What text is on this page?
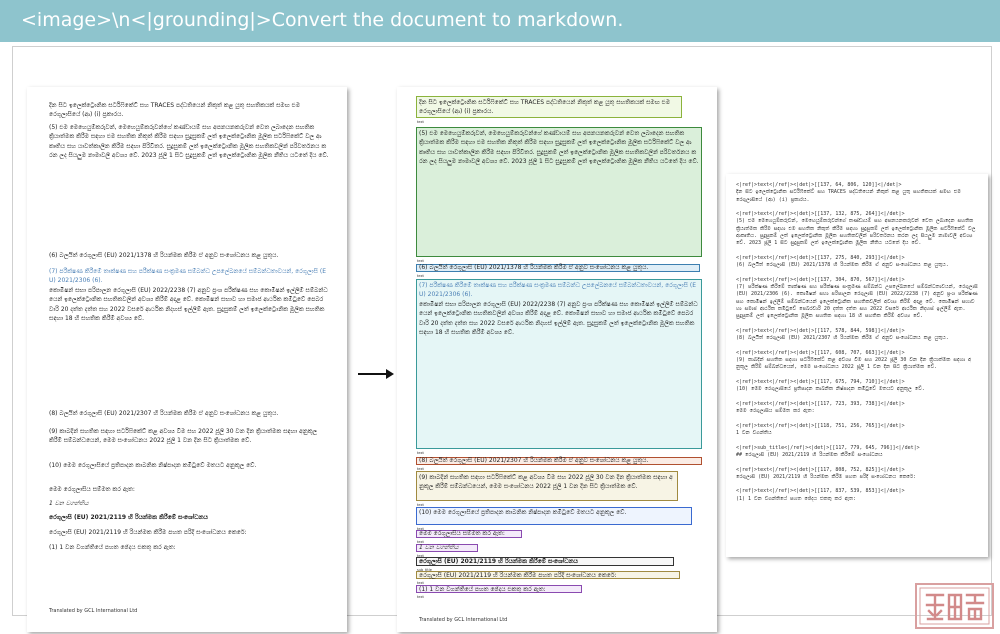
<image>\n<|grounding|>Convert the document to markdown.
දින සිට ඉලෙක්ට්‍රොනික සර්ටිෆිකේට් සහ TRACES පද්ධතියෙන් නිකුත් කළ යුතු සහතිකයක් සමඟ එම රෙගුලාසියේ (ආ) (i) ප්‍රකාරය.
(5) එම මෙහෙයුම්කරුවන්, මෙහෙයුම්කරුවන්ගේ කණ්ඩායම් සහ අපනයනකරුවන් වෙත ලබාදෙන සහතික ක්‍රියාත්මක කිරීම සඳහා එම සහතික නිකුත් කිරීම සඳහා සුදුසුකම් ලත් ඉලෙක්ට්‍රොනික මූලික සර්ටිෆිකේට් වල ආකෘතිය සහ යාවත්කාලීන කිරීම සඳහා පිරිවිතර. සුදුසුකම් ලත් ඉලෙක්ට්‍රොනික මූලික සහතිකවලින් පරිවර්තනය කරන ලද සියලුම නාමාවලී අවශ්‍ය වේ. 2023 ජූලි 1 සිට සුදුසුකම් ලත් ඉලෙක්ට්‍රොනික මූලික නීතිය යටතේ දිය වේ.
(6) බලයිත් රෙගුලාසි (EU) 2021/1378 හි රියන්මක කිරීම ඒ අනුව සංශෝධනය කළ යුතුය.
(7) පරීක්ෂණ කිරීමේ තාක්ෂණ සහ පරීක්ෂණ සංක්‍රමණ සම්බන්ධ උපලේඛනයේ සම්බන්ධතාවයන්, රෙගුලාසි (EU) 2021/2306 (6).
කොමිෂන් සභා පරිපාලන රෙගුලාසි (EU) 2022/2238 (7) අනුව ප්‍රංශ පරීක්ෂණ සහ කොමිෂන් ඉල්ලීම් සම්බන්ධයෙන් ඉලෙක්ට්‍රොනික සහතිකවලින් අවශ්‍ය කිරීම් අදාළ වේ. කොමිෂන් සභාව හා සමාජ ආර්ථික කමිටුවේ පෙබරවාරි 20 දත්ත දත්ත සහ 2022 වසරේ ආර්ථික නිදහස් ඉල්ලීම් ඇත. සුදුසුකම් ලත් ඉලෙක්ට්‍රොනික මූලික සහතික සඳහා 18 හි සහතික කිරීම් අවශ්‍ය වේ.
(8) බලයිත් රෙගුලාසි (EU) 2021/2307 හි රියන්මක කිරීම ඒ අනුව සංශෝධනය කළ යුතුය.
(9) කාබදින් සහතික සඳහා සර්ටිෆිකේට් කළ අවශ්‍ය වීම සහ 2022 ජූලි 30 වන දින ක්‍රියාත්මක සඳහා අනුකූල කිරීම් සම්බන්ධයෙන්, මෙම සංශෝධනය 2022 ජූලි 1 වන දින සිට ක්‍රියාත්මක වේ.
(10) මෙම රෙගුලාසියේ ප්‍රතිපාදන කාබනික නිෂ්පාදන කමිටුවේ මතයට අනුකූල වේ.
මෙම රෙගුලාසිය සම්මත කර ඇත:
1 වන වගන්තිය
රෙගුලාසි (EU) 2021/2119 හි රියන්මක කිරීමේ සංශෝධනය
රෙගුලාසි (EU) 2021/2119 හි රියන්මක කිරීම පහත පරිදි සංශෝධනය කෙරේ:
(1) 1 වන වගන්තියේ පහත ඡේදය එකතු කර ඇත:
Translated by GCL International Ltd
text
text
text
text
text
text
text
text
text
sub_title
text
text
දින සිට ඉලෙක්ට්‍රොනික සර්ටිෆිකේට් සහ TRACES පද්ධතියෙන් නිකුත් කළ යුතු සහතිකයක් සමඟ එම රෙගුලාසියේ (ආ) (i) ප්‍රකාරය.
(5) එම මෙහෙයුම්කරුවන්, මෙහෙයුම්කරුවන්ගේ කණ්ඩායම් සහ අපනයනකරුවන් වෙත ලබාදෙන සහතික ක්‍රියාත්මක කිරීම සඳහා එම සහතික නිකුත් කිරීම සඳහා සුදුසුකම් ලත් ඉලෙක්ට්‍රොනික මූලික සර්ටිෆිකේට් වල ආකෘතිය සහ යාවත්කාලීන කිරීම සඳහා පිරිවිතර. සුදුසුකම් ලත් ඉලෙක්ට්‍රොනික මූලික සහතිකවලින් පරිවර්තනය කරන ලද සියලුම නාමාවලී අවශ්‍ය වේ. 2023 ජූලි 1 සිට සුදුසුකම් ලත් ඉලෙක්ට්‍රොනික මූලික නීතිය යටතේ දිය වේ.
(6) බලයිත් රෙගුලාසි (EU) 2021/1378 හි රියන්මක කිරීම ඒ අනුව සංශෝධනය කළ යුතුය.
(7) පරීක්ෂණ කිරීමේ තාක්ෂණ සහ පරීක්ෂණ සංක්‍රමණ සම්බන්ධ උපලේඛනයේ සම්බන්ධතාවයන්, රෙගුලාසි (EU) 2021/2306 (6).
කොමිෂන් සභා පරිපාලන රෙගුලාසි (EU) 2022/2238 (7) අනුව ප්‍රංශ පරීක්ෂණ සහ කොමිෂන් ඉල්ලීම් සම්බන්ධයෙන් ඉලෙක්ට්‍රොනික සහතිකවලින් අවශ්‍ය කිරීම් අදාළ වේ. කොමිෂන් සභාව හා සමාජ ආර්ථික කමිටුවේ පෙබරවාරි 20 දත්ත දත්ත සහ 2022 වසරේ ආර්ථික නිදහස් ඉල්ලීම් ඇත. සුදුසුකම් ලත් ඉලෙක්ට්‍රොනික මූලික සහතික සඳහා 18 හි සහතික කිරීම් අවශ්‍ය වේ.
(8) බලයිත් රෙගුලාසි (EU) 2021/2307 හි රියන්මක කිරීම ඒ අනුව සංශෝධනය කළ යුතුය.
(9) කාබදින් සහතික සඳහා සර්ටිෆිකේට් කළ අවශ්‍ය වීම සහ 2022 ජූලි 30 වන දින ක්‍රියාත්මක සඳහා අනුකූල කිරීම් සම්බන්ධයෙන්, මෙම සංශෝධනය 2022 ජූලි 1 වන දින සිට ක්‍රියාත්මක වේ.
(10) මෙම රෙගුලාසියේ ප්‍රතිපාදන කාබනික නිෂ්පාදන කමිටුවේ මතයට අනුකූල වේ.
මෙම රෙගුලාසිය සම්මත කර ඇත:
1 වන වගන්තිය
රෙගුලාසි (EU) 2021/2119 හි රියන්මක කිරීමේ සංශෝධනය
රෙගුලාසි (EU) 2021/2119 හි රියන්මක කිරීම පහත පරිදි සංශෝධනය කෙරේ:
(1) 1 වන වගන්තියේ පහත ඡේදය එකතු කර ඇත:
Translated by GCL International Ltd
<|ref|>text<|/ref|><|det|>[[137, 64, 806, 120]]<|/det|>
දින සිට ඉලෙක්ට්‍රොනික සර්ටිෆිකේට් සහ TRACES පද්ධතියෙන් නිකුත් කළ යුතු සහතිකයක් සමඟ එම රෙගුලාසියේ (ආ) (i) ප්‍රකාරය.

<|ref|>text<|/ref|><|det|>[[137, 132, 875, 264]]<|/det|>
(5) එම මෙහෙයුම්කරුවන්, මෙහෙයුම්කරුවන්ගේ කණ්ඩායම් සහ අපනයනකරුවන් වෙත ලබාදෙන සහතික ක්‍රියාත්මක කිරීම සඳහා එම සහතික නිකුත් කිරීම සඳහා සුදුසුකම් ලත් ඉලෙක්ට්‍රොනික මූලික සර්ටිෆිකේට් වල ආකෘතිය. සුදුසුකම් ලත් ඉලෙක්ට්‍රොනික මූලික සහතිකවලින් පරිවර්තනය කරන ලද සියලුම නාමාවලී අවශ්‍ය වේ. 2023 ජූලි 1 සිට සුදුසුකම් ලත් ඉලෙක්ට්‍රොනික මූලික නීතිය යටතේ දිය වේ.

<|ref|>text<|/ref|><|det|>[[137, 275, 840, 293]]<|/det|>
(6) බලයිත් රෙගුලාසි (EU) 2021/1378 හි රියන්මක කිරීම ඒ අනුව සංශෝධනය කළ යුතුය.

<|ref|>text<|/ref|><|det|>[[137, 304, 870, 567]]<|/det|>
(7) පරීක්ෂණ කිරීමේ තාක්ෂණ සහ පරීක්ෂණ සංක්‍රමණ සම්බන්ධ උපලේඛනයේ සම්බන්ධතාවයන්, රෙගුලාසි (EU) 2021/2306 (6). කොමිෂන් සභා පරිපාලන රෙගුලාසි (EU) 2022/2238 (7) අනුව ප්‍රංශ පරීක්ෂණ සහ කොමිෂන් ඉල්ලීම් සම්බන්ධයෙන් ඉලෙක්ට්‍රොනික සහතිකවලින් අවශ්‍ය කිරීම් අදාළ වේ. කොමිෂන් සභාව හා සමාජ ආර්ථික කමිටුවේ පෙබරවාරි 20 දත්ත දත්ත සහ 2022 වසරේ ආර්ථික නිදහස් ඉල්ලීම් ඇත. සුදුසුකම් ලත් ඉලෙක්ට්‍රොනික මූලික සහතික සඳහා 18 හි සහතික කිරීම් අවශ්‍ය වේ.

<|ref|>text<|/ref|><|det|>[[117, 578, 844, 598]]<|/det|>
(8) බලයිත් රෙගුලාසි (EU) 2021/2307 හි රියන්මක කිරීම ඒ අනුව සංශෝධනය කළ යුතුය.

<|ref|>text<|/ref|><|det|>[[117, 608, 707, 663]]<|/det|>
(9) කාබදින් සහතික සඳහා සර්ටිෆිකේට් කළ අවශ්‍ය වීම සහ 2022 ජූලි 30 වන දින ක්‍රියාත්මක සඳහා අනුකූල කිරීම් සම්බන්ධයෙන්, මෙම සංශෝධනය 2022 ජූලි 1 වන දින සිට ක්‍රියාත්මක වේ.

<|ref|>text<|/ref|><|det|>[[117, 675, 794, 710]]<|/det|>
(10) මෙම රෙගුලාසියේ ප්‍රතිපාදන කාබනික නිෂ්පාදන කමිටුවේ මතයට අනුකූල වේ.

<|ref|>text<|/ref|><|det|>[[117, 723, 393, 738]]<|/det|>
මෙම රෙගුලාසිය සම්මත කර ඇත:

<|ref|>text<|/ref|><|det|>[[118, 751, 256, 765]]<|/det|>
1 වන වගන්තිය

<|ref|>sub_title<|/ref|><|det|>[[117, 779, 645, 796]]<|/det|>
## රෙගුලාසි (EU) 2021/2119 හි රියන්මක කිරීමේ සංශෝධනය

<|ref|>text<|/ref|><|det|>[[117, 808, 752, 825]]<|/det|>
රෙගුලාසි (EU) 2021/2119 හි රියන්මක කිරීම පහත පරිදි සංශෝධනය කෙරේ:

<|ref|>text<|/ref|><|det|>[[117, 837, 539, 853]]<|/det|>
(1) 1 වන වගන්තියේ පහත ඡේදය එකතු කර ඇත:
